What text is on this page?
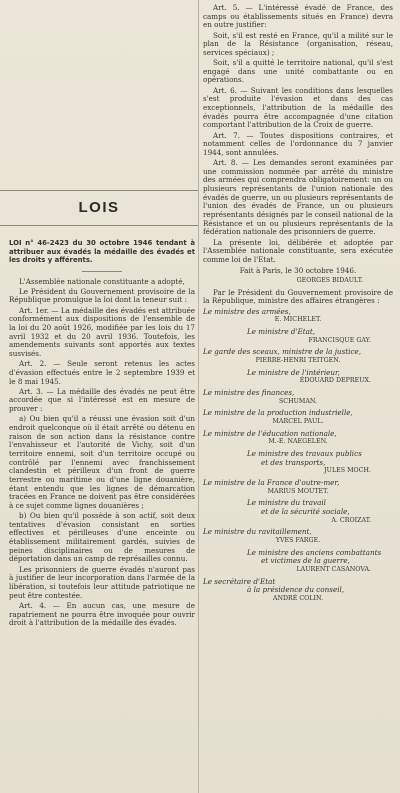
LOIS
LOI n° 46-2423 du 30 octobre 1946 tendant à attribuer aux évadés la médaille des évadés et les droits y afférents.

L'Assemblée nationale constituante a adopté,

Le Président du Gouvernement provisoire de la République promulgue la loi dont la teneur suit :

Art. 1er. — La médaille des évadés est attribuée conformément aux dispositions de l'ensemble de la loi du 20 août 1926, modifiée par les lois du 17 avril 1932 et du 20 avril 1936. Toutefois, les amendements suivants sont apportés aux textes susvisés.

Art. 2. — Seule seront retenus les actes d'évasion effectués entre le 2 septembre 1939 et le 8 mai 1945.

Art. 3. — La médaille des évadés ne peut être accordée que si l'intéressé est en mesure de prouver :

a) Ou bien qu'il a réussi une évasion soit d'un endroit quelconque où il était arrêté ou détenu en raison de son action dans la résistance contre l'envahisseur et l'autorité de Vichy, soit d'un territoire ennemi, soit d'un territoire occupé ou contrôlé par l'ennemi avec franchissement clandestin et périlleux d'un front de guerre terrestre ou maritime ou d'une ligne douanière, étant entendu que les lignes de démarcation tracées en France ne doivent pas être considérées à ce sujet comme lignes douanières ;

b) Ou bien qu'il possède à son actif, soit deux tentatives d'évasion consistant en sorties effectives et périlleuses d'une enceinte ou établissement militairement gardés, suivies de peines disciplinaires ou de mesures de déportation dans un camp de représailles connu.

Les prisonniers de guerre évadés n'auront pas à justifier de leur incorporation dans l'armée de la libération, si toutefois leur attitude patriotique ne peut être contestée.

Art. 4. — En aucun cas, une mesure de rapatriement ne pourra être invoquée pour ouvrir droit à l'attribution de la médaille des évadés.

Art. 5. — L'intéressé évadé de France, des camps ou établissements situés en France) devra en outre justifier:

Soit, s'il est resté en France, qu'il a milité sur le plan de la Résistance (organisation, réseau, services spéciaux) ;

Soit, s'il a quitté le territoire national, qu'il s'est engagé dans une unité combattante ou en opérations.

Art. 6. — Suivant les conditions dans lesquelles s'est produite l'évasion et dans des cas exceptionnels, l'attribution de la médaille des évadés pourra être accompagnée d'une citation comportant l'attribution de la Croix de guerre.

Art. 7. — Toutes dispositions contraires, et notamment celles de l'ordonnance du 7 janvier 1944, sont annulées.

Art. 8. — Les demandes seront examinées par une commission nommée par arrêté du ministre des armées qui comprendra obligatoirement: un ou plusieurs représentants de l'union nationale des évadés de guerre, un ou plusieurs représentants de l'union des évadés de France, un ou plusieurs représentants désignés par le conseil national de la Résistance et un ou plusieurs représentants de la fédération nationale des prisonniers de guerre.

La présente loi, délibérée et adoptée par l'Assemblée nationale constituante, sera exécutée comme loi de l'Etat.

Fait à Paris, le 30 octobre 1946.

GEORGES BIDAULT.

Par le Président du Gouvernement provisoire de la République, ministre des affaires étrangères :

Le ministre des armées,
E. MICHELET.
Le ministre d'Etat,
FRANCISQUE GAY.
Le garde des sceaux, ministre de la justice,
PIERRE-HENRI TEITGEN.
Le ministre de l'intérieur,
ÉDOUARD DEPREUX.
Le ministre des finances,
SCHUMAN.
Le ministre de la production industrielle,
MARCEL PAUL.
Le ministre de l'éducation nationale,
M.-E. NAEGELEN.
Le ministre des travaux publics
et des transports,
JULES MOCH.
Le ministre de la France d'outre-mer,
MARIUS MOUTET.
Le ministre du travail
et de la sécurité sociale,
A. CROIZAT.
Le ministre du ravitaillement,
YVES FARGE.
Le ministre des anciens combattants
et victimes de la guerre,
LAURENT CASANOVA.
Le secrétaire d'Etat
à la présidence du conseil,
ANDRÉ COLIN.
